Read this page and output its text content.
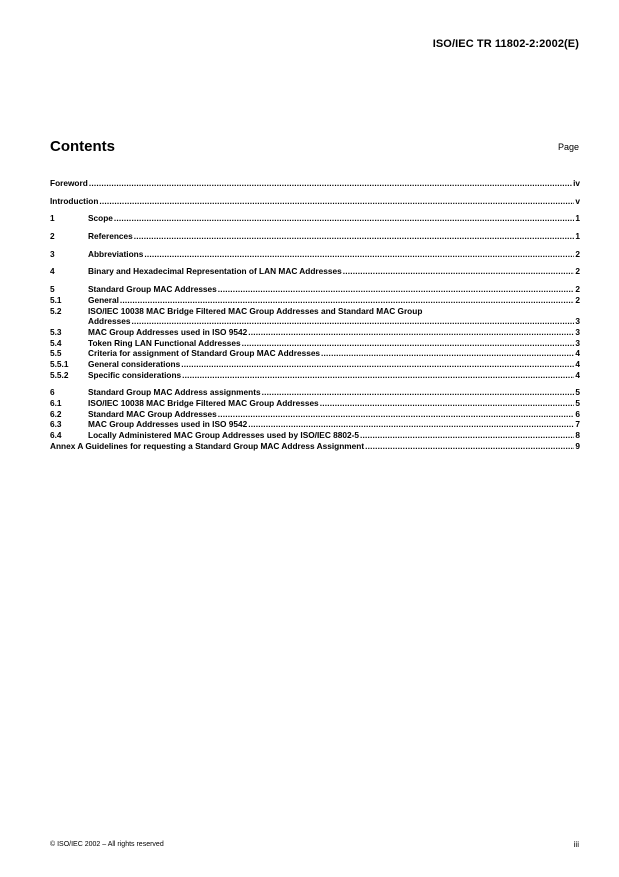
ISO/IEC TR 11802-2:2002(E)
Contents	Page
Foreword .....	iv
Introduction .....	v
1	Scope .....	1
2	References .....	1
3	Abbreviations .....	2
4	Binary and Hexadecimal Representation of LAN MAC Addresses .....	2
5	Standard Group MAC Addresses .....	2
5.1	General .....	2
5.2	ISO/IEC 10038 MAC Bridge Filtered MAC Group Addresses and Standard MAC Group
Addresses .....	3
5.3	MAC Group Addresses used in ISO 9542 .....	3
5.4	Token Ring LAN Functional Addresses .....	3
5.5	Criteria for assignment of Standard Group MAC Addresses .....	4
5.5.1	General considerations .....	4
5.5.2	Specific considerations .....	4
6	Standard Group MAC Address assignments .....	5
6.1	ISO/IEC 10038 MAC Bridge Filtered MAC Group Addresses .....	5
6.2	Standard MAC Group Addresses .....	6
6.3	MAC Group Addresses used in ISO 9542 .....	7
6.4	Locally Administered MAC Group Addresses used by ISO/IEC 8802-5 .....	8
Annex A Guidelines for requesting a Standard Group MAC Address Assignment .....	9
© ISO/IEC 2002 – All rights reserved	iii
